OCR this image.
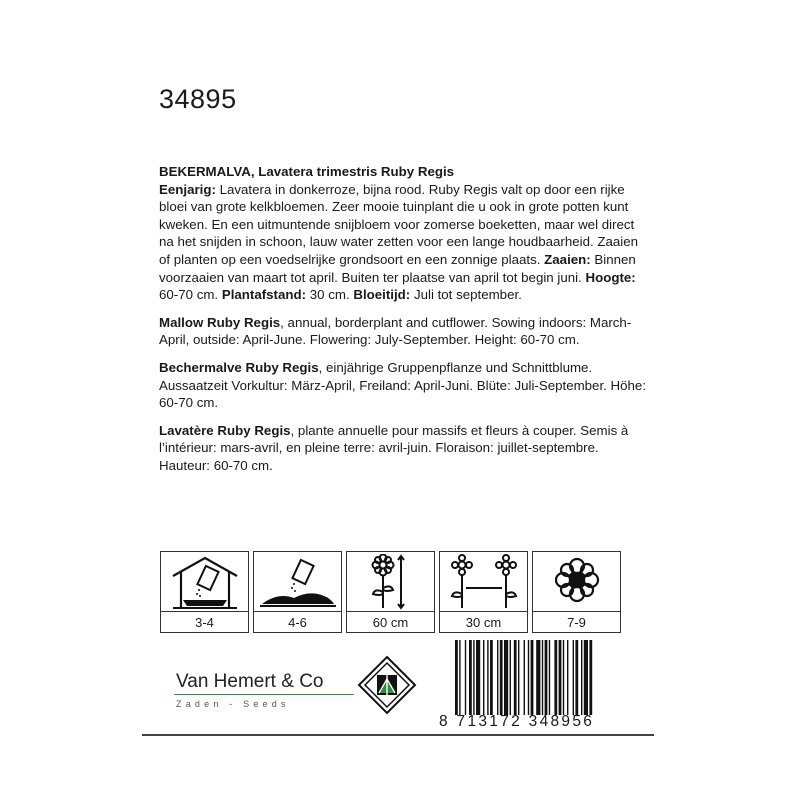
34895

BEKERMALVA, Lavatera trimestris Ruby Regis
Eenjarig: Lavatera in donkerroze, bijna rood. Ruby Regis valt op door een rijke bloei van grote kelkbloemen. Zeer mooie tuinplant die u ook in grote potten kunt kweken. En een uitmuntende snijbloem voor zomerse boeketten, maar wel direct na het snijden in schoon, lauw water zetten voor een lange houdbaarheid. Zaaien of planten op een voedselrijke grondsoort en een zonnige plaats. Zaaien: Binnen voorzaaien van maart tot april. Buiten ter plaatse van april tot begin juni. Hoogte: 60-70 cm. Plantafstand: 30 cm. Bloeitijd: Juli tot september.

Mallow Ruby Regis, annual, borderplant and cutflower. Sowing indoors: March-April, outside: April-June. Flowering: July-September. Height: 60-70 cm.

Bechermalve Ruby Regis, einjährige Gruppenpflanze und Schnittblume. Aussaatzeit Vorkultur: März-April, Freiland: April-Juni. Blüte: Juli-September. Höhe: 60-70 cm.

Lavatère Ruby Regis, plante annuelle pour massifs et fleurs à couper. Semis à l’intérieur: mars-avril, en pleine terre: avril-juin. Floraison: juillet-septembre. Hauteur: 60-70 cm.

3-4	4-6	60 cm	30 cm	7-9
Van Hemert & Co
Zaden - Seeds
8 713172 348956
